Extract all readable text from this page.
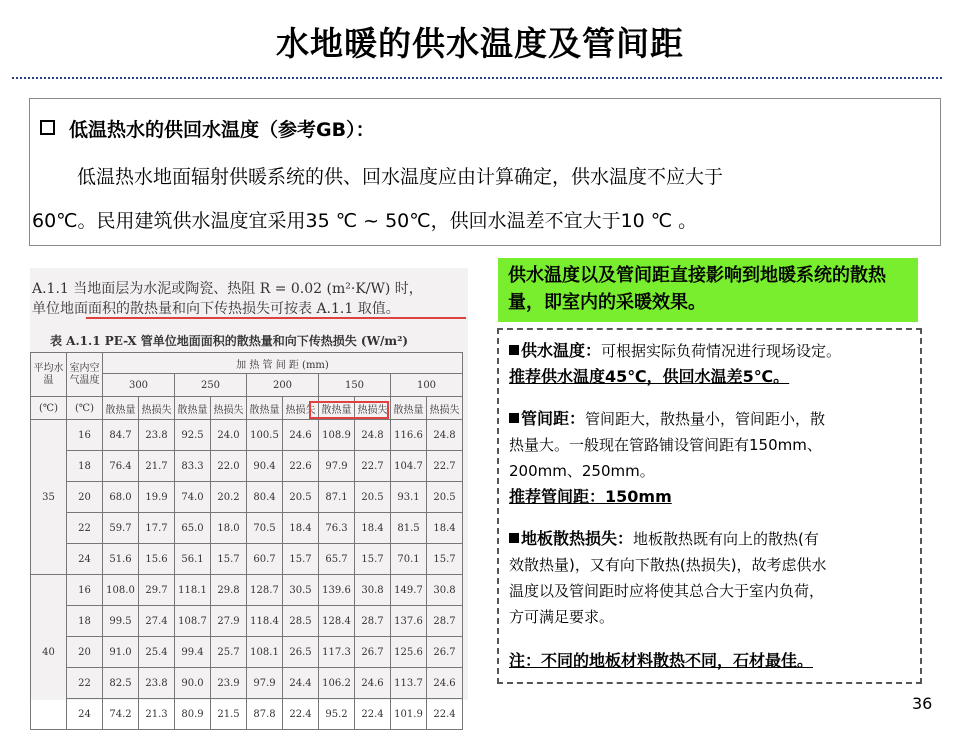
水地暖的供水温度及管间距
低温热水的供回水温度（参考GB）：
低温热水地面辐射供暖系统的供、回水温度应由计算确定，供水温度不应大于
60℃。民用建筑供水温度宜采用35 ℃ ~ 50℃，供回水温差不宜大于10 ℃ 。
A.1.1 当地面层为水泥或陶瓷、热阻 R = 0.02 (m²·K/W) 时，
单位地面面积的散热量和向下传热损失可按表 A.1.1 取值。
表 A.1.1 PE-X 管单位地面面积的散热量和向下传热损失 (W/m²)
平均水温	室内空气温度	加 热 管 间 距 (mm)									
		300		250		200		150		100	
(℃)	(℃)	散热量	热损失	散热量	热损失	散热量	热损失	散热量	热损失	散热量	热损失
35	16	84.7	23.8	92.5	24.0	100.5	24.6	108.9	24.8	116.6	24.8
	18	76.4	21.7	83.3	22.0	90.4	22.6	97.9	22.7	104.7	22.7
	20	68.0	19.9	74.0	20.2	80.4	20.5	87.1	20.5	93.1	20.5
	22	59.7	17.7	65.0	18.0	70.5	18.4	76.3	18.4	81.5	18.4
	24	51.6	15.6	56.1	15.7	60.7	15.7	65.7	15.7	70.1	15.7
40	16	108.0	29.7	118.1	29.8	128.7	30.5	139.6	30.8	149.7	30.8
	18	99.5	27.4	108.7	27.9	118.4	28.5	128.4	28.7	137.6	28.7
	20	91.0	25.4	99.4	25.7	108.1	26.5	117.3	26.7	125.6	26.7
	22	82.5	23.8	90.0	23.9	97.9	24.4	106.2	24.6	113.7	24.6
	24	74.2	21.3	80.9	21.5	87.8	22.4	95.2	22.4	101.9	22.4
供水温度以及管间距直接影响到地暖系统的散热量，即室内的采暖效果。
供水温度：可根据实际负荷情况进行现场设定。
推荐供水温度45℃，供回水温差5℃。
管间距：管间距大，散热量小，管间距小，散
热量大。一般现在管路铺设管间距有150mm、
200mm、250mm。
推荐管间距：150mm
地板散热损失：地板散热既有向上的散热(有
效散热量)，又有向下散热(热损失)，故考虑供水
温度以及管间距时应将使其总合大于室内负荷，
方可满足要求。
注：不同的地板材料散热不同，石材最佳。
36
